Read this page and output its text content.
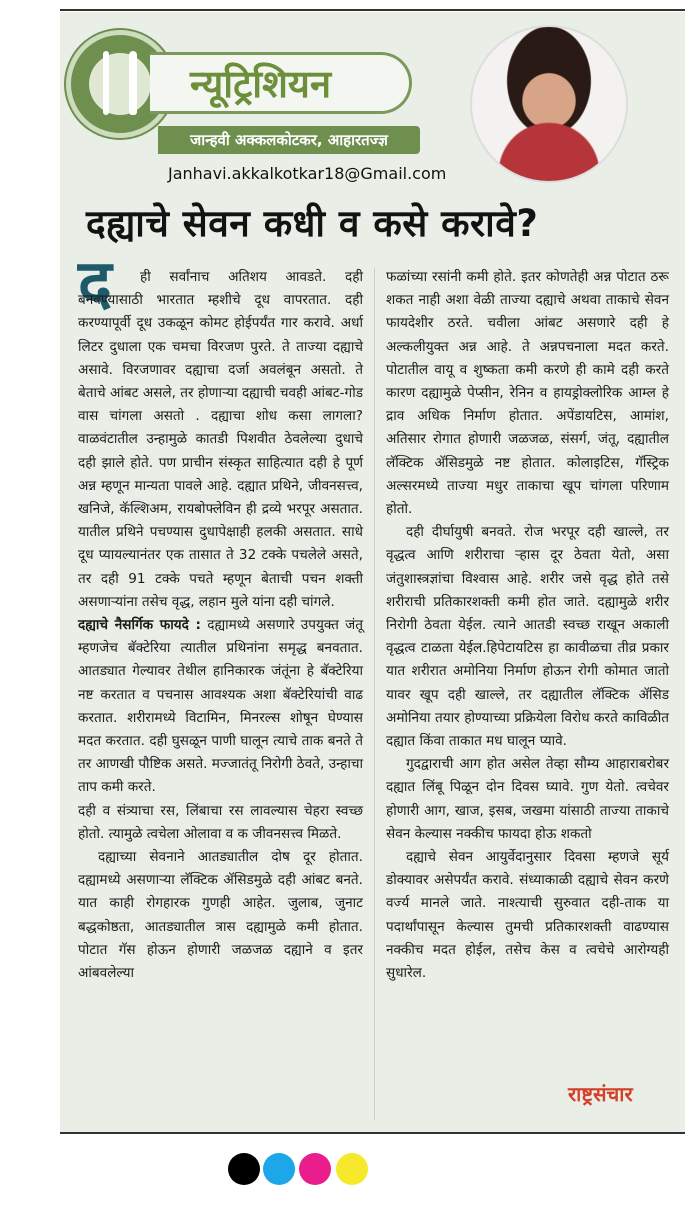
न्यूट्रिशियन
जान्हवी अक्कलकोटकर, आहारतज्ज्ञ
Janhavi.akkalkotkar18@Gmail.com
दह्याचे सेवन कधी व कसे करावे?
द	ही सर्वांनाच अतिशय आवडते. दही बनवण्यासाठी भारतात म्हशीचे दूध वापरतात. दही करण्यापूर्वी दूध उकळून कोमट होईपर्यंत गार करावे. अर्धा लिटर दुधाला एक चमचा विरजण पुरते. ते ताज्या दह्याचे असावे. विरजणावर दह्याचा दर्जा अवलंबून असतो. ते बेताचे आंबट असले, तर होणाऱ्या दह्याची चवही आंबट-गोड वास चांगला असतो . दह्याचा शोध कसा लागला? वाळवंटातील उन्हामुळे कातडी पिशवीत ठेवलेल्या दुधाचे दही झाले होते. पण प्राचीन संस्कृत साहित्यात दही हे पूर्ण अन्न म्हणून मान्यता पावले आहे. दह्यात प्रथिने, जीवनसत्त्व, खनिजे, कॅल्शिअम, रायबोफ्लेविन ही द्रव्ये भरपूर असतात. यातील प्रथिने पचण्यास दुधापेक्षाही हलकी असतात. साधे दूध प्यायल्यानंतर एक तासात ते 32 टक्के पचलेले असते, तर दही 91 टक्के पचते म्हणून बेताची पचन शक्ती असणाऱ्यांना तसेच वृद्ध, लहान मुले यांना दही चांगले.

दह्याचे नैसर्गिक फायदे : दह्यामध्ये असणारे उपयुक्त जंतू म्हणजेच बॅक्टेरिया त्यातील प्रथिनांना समृद्ध बनवतात. आतड्यात गेल्यावर तेथील हानिकारक जंतूंना हे बॅक्टेरिया नष्ट करतात व पचनास आवश्यक अशा बॅक्टेरियांची वाढ करतात. शरीरामध्ये विटामिन, मिनरल्स शोषून घेण्यास मदत करतात. दही घुसळून पाणी घालून त्याचे ताक बनते ते तर आणखी पौष्टिक असते. मज्जातंतू निरोगी ठेवते, उन्हाचा ताप कमी करते.

दही व संत्र्याचा रस, लिंबाचा रस लावल्यास चेहरा स्वच्छ होतो. त्यामुळे त्वचेला ओलावा व क जीवनसत्त्व मिळते.

दह्याच्या सेवनाने आतड्यातील दोष दूर होतात. दह्यामध्ये असणाऱ्या लॅक्टिक ॲसिडमुळे दही आंबट बनते. यात काही रोगहारक गुणही आहेत. जुलाब, जुनाट बद्धकोष्ठता, आतड्यातील त्रास दह्यामुळे कमी होतात. पोटात गॅस होऊन होणारी जळजळ दह्याने व इतर आंबवलेल्या

फळांच्या रसांनी कमी होते. इतर कोणतेही अन्न पोटात ठरू शकत नाही अशा वेळी ताज्या दह्याचे अथवा ताकाचे सेवन फायदेशीर ठरते. चवीला आंबट असणारे दही हे अल्कलीयुक्त अन्न आहे. ते अन्नपचनाला मदत करते. पोटातील वायू व शुष्कता कमी करणे ही कामे दही करते कारण दह्यामुळे पेप्सीन, रेनिन व हायड्रोक्लोरिक आम्ल हे द्राव अधिक निर्माण होतात. अपेंडायटिस, आमांश, अतिसार रोगात होणारी जळजळ, संसर्ग, जंतू, दह्यातील लॅक्टिक ॲसिडमुळे नष्ट होतात. कोलाइटिस, गॅस्ट्रिक अल्सरमध्ये ताज्या मधुर ताकाचा खूप चांगला परिणाम होतो.

दही दीर्घायुषी बनवते. रोज भरपूर दही खाल्ले, तर वृद्धत्व आणि शरीराचा ऱ्हास दूर ठेवता येतो, असा जंतुशास्त्रज्ञांचा विश्वास आहे. शरीर जसे वृद्ध होते तसे शरीराची प्रतिकारशक्ती कमी होत जाते. दह्यामुळे शरीर निरोगी ठेवता येईल. त्याने आतडी स्वच्छ राखून अकाली वृद्धत्व टाळता येईल.हिपेटायटिस हा कावीळचा तीव्र प्रकार यात शरीरात अमोनिया निर्माण होऊन रोगी कोमात जातो यावर खूप दही खाल्ले, तर दह्यातील लॅक्टिक ॲसिड अमोनिया तयार होण्याच्या प्रक्रियेला विरोध करते काविळीत दह्यात किंवा ताकात मध घालून प्यावे.

गुदद्वाराची आग होत असेल तेव्हा सौम्य आहाराबरोबर दह्यात लिंबू पिळून दोन दिवस घ्यावे. गुण येतो. त्वचेवर होणारी आग, खाज, इसब, जखमा यांसाठी ताज्या ताकाचे सेवन केल्यास नक्कीच फायदा होऊ शकतो

दह्याचे सेवन आयुर्वेदानुसार दिवसा म्हणजे सूर्य डोक्यावर असेपर्यंत करावे. संध्याकाळी दह्याचे सेवन करणे वर्ज्य मानले जाते. नाश्त्याची सुरुवात दही-ताक या पदार्थांपासून केल्यास तुमची प्रतिकारशक्ती वाढण्यास नक्कीच मदत होईल, तसेच केस व त्वचेचे आरोग्यही सुधारेल.

राष्ट्रसंचार
